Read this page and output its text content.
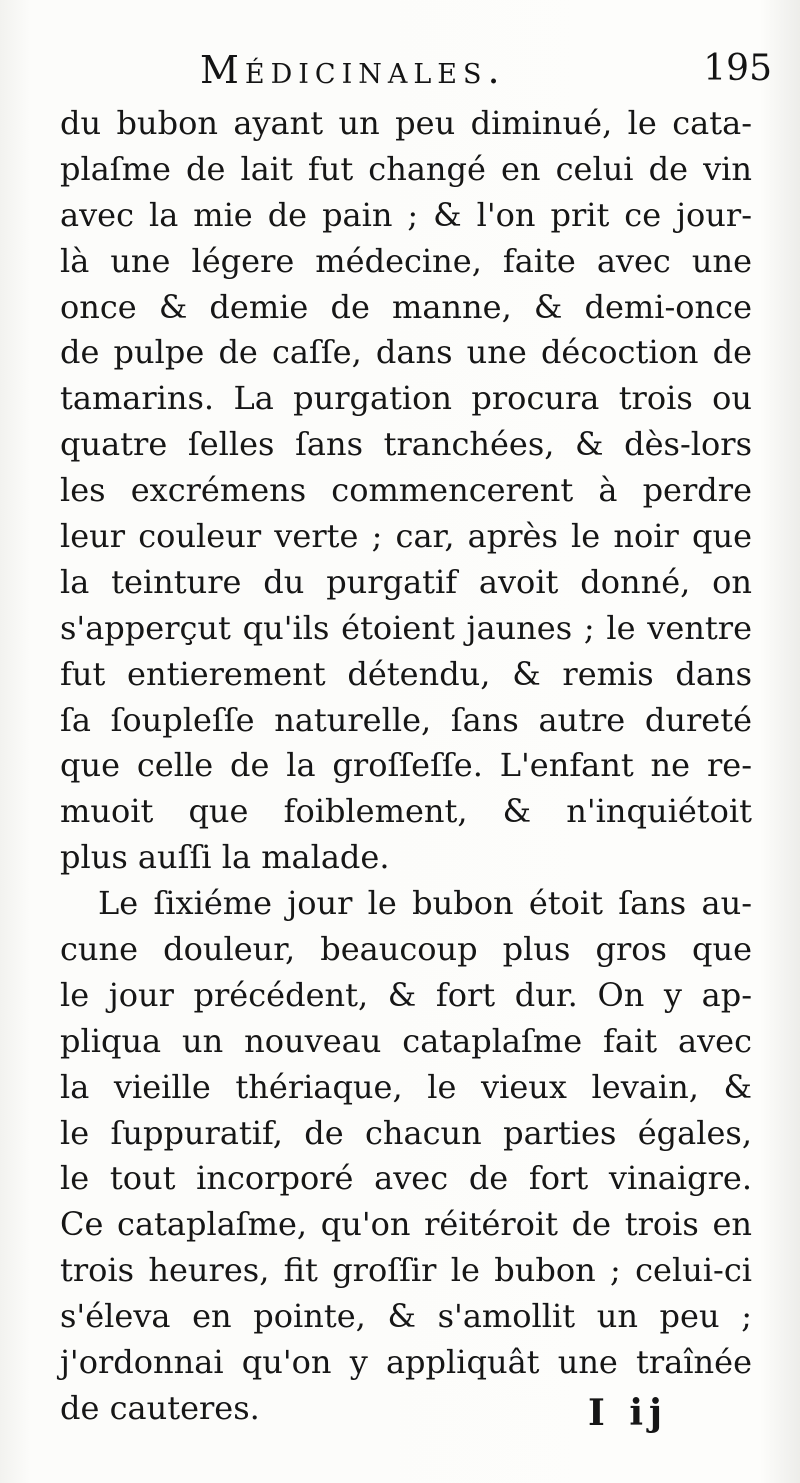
Médicinales.	195
du bubon ayant un peu diminué, le cata-
plaſme de lait fut changé en celui de vin
avec la mie de pain ; & l'on prit ce jour-
là une légere médecine, faite avec une
once & demie de manne, & demi-once
de pulpe de caſſe, dans une décoction de
tamarins. La purgation procura trois ou
quatre ſelles ſans tranchées, & dès-lors
les excrémens commencerent à perdre
leur couleur verte ; car, après le noir que
la teinture du purgatif avoit donné, on
s'apperçut qu'ils étoient jaunes ; le ventre
fut entierement détendu, & remis dans
ſa ſoupleſſe naturelle, ſans autre dureté
que celle de la groſſeſſe. L'enfant ne re-
muoit que foiblement, & n'inquiétoit
plus auſſi la malade.
Le ſixiéme jour le bubon étoit ſans au-
cune douleur, beaucoup plus gros que
le jour précédent, & fort dur. On y ap-
pliqua un nouveau cataplaſme fait avec
la vieille thériaque, le vieux levain, &
le ſuppuratif, de chacun parties égales,
le tout incorporé avec de fort vinaigre.
Ce cataplaſme, qu'on réitéroit de trois en
trois heures, fit groſſir le bubon ; celui-ci
s'éleva en pointe, & s'amollit un peu ;
j'ordonnai qu'on y appliquât une traînée
de cauteres.	I ij
